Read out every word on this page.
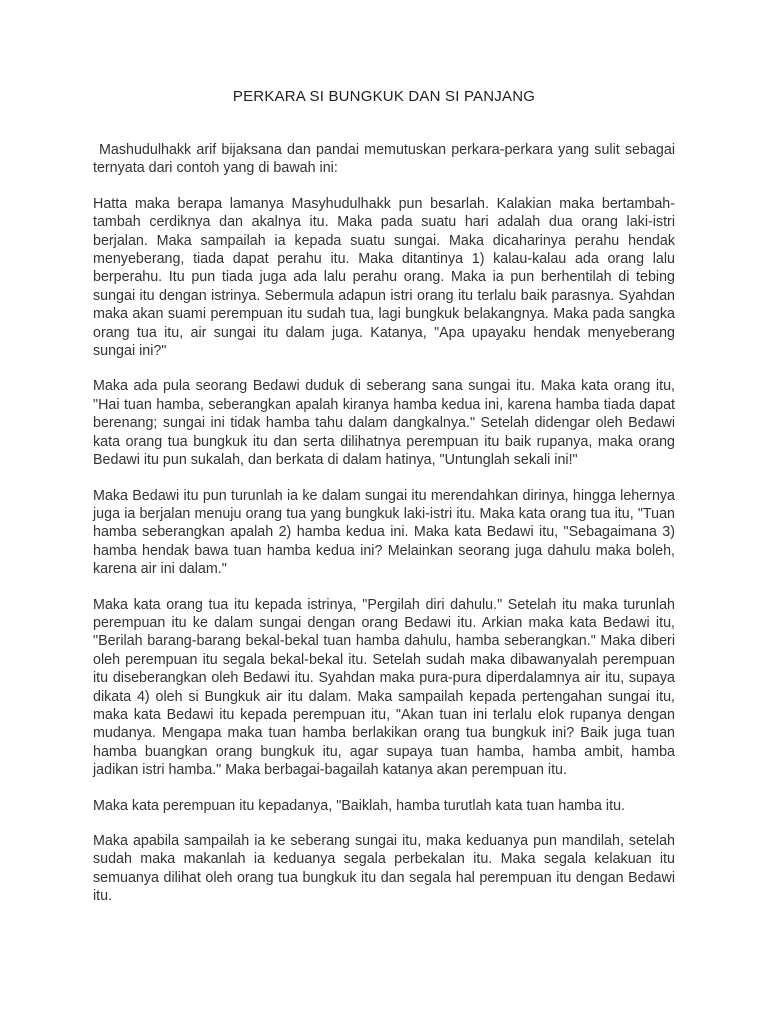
PERKARA SI BUNGKUK DAN SI PANJANG

Mashudulhakk arif bijaksana dan pandai memutuskan perkara-perkara yang sulit sebagai ternyata dari contoh yang di bawah ini:

Hatta maka berapa lamanya Masyhudulhakk pun besarlah. Kalakian maka bertambah-tambah cerdiknya dan akalnya itu. Maka pada suatu hari adalah dua orang laki-istri berjalan. Maka sampailah ia kepada suatu sungai. Maka dicaharinya perahu hendak menyeberang, tiada dapat perahu itu. Maka ditantinya 1) kalau-kalau ada orang lalu berperahu. Itu pun tiada juga ada lalu perahu orang. Maka ia pun berhentilah di tebing sungai itu dengan istrinya. Sebermula adapun istri orang itu terlalu baik parasnya. Syahdan maka akan suami perempuan itu sudah tua, lagi bungkuk belakangnya. Maka pada sangka orang tua itu, air sungai itu dalam juga. Katanya, "Apa upayaku hendak menyeberang sungai ini?"

Maka ada pula seorang Bedawi duduk di seberang sana sungai itu. Maka kata orang itu, "Hai tuan hamba, seberangkan apalah kiranya hamba kedua ini, karena hamba tiada dapat berenang; sungai ini tidak hamba tahu dalam dangkalnya." Setelah didengar oleh Bedawi kata orang tua bungkuk itu dan serta dilihatnya perempuan itu baik rupanya, maka orang Bedawi itu pun sukalah, dan berkata di dalam hatinya, "Untunglah sekali ini!"

Maka Bedawi itu pun turunlah ia ke dalam sungai itu merendahkan dirinya, hingga lehernya juga ia berjalan menuju orang tua yang bungkuk laki-istri itu. Maka kata orang tua itu, "Tuan hamba seberangkan apalah 2) hamba kedua ini. Maka kata Bedawi itu, "Sebagaimana 3) hamba hendak bawa tuan hamba kedua ini? Melainkan seorang juga dahulu maka boleh, karena air ini dalam."

Maka kata orang tua itu kepada istrinya, "Pergilah diri dahulu." Setelah itu maka turunlah perempuan itu ke dalam sungai dengan orang Bedawi itu. Arkian maka kata Bedawi itu, "Berilah barang-barang bekal-bekal tuan hamba dahulu, hamba seberangkan." Maka diberi oleh perempuan itu segala bekal-bekal itu. Setelah sudah maka dibawanyalah perempuan itu diseberangkan oleh Bedawi itu. Syahdan maka pura-pura diperdalamnya air itu, supaya dikata 4) oleh si Bungkuk air itu dalam. Maka sampailah kepada pertengahan sungai itu, maka kata Bedawi itu kepada perempuan itu, "Akan tuan ini terlalu elok rupanya dengan mudanya. Mengapa maka tuan hamba berlakikan orang tua bungkuk ini? Baik juga tuan hamba buangkan orang bungkuk itu, agar supaya tuan hamba, hamba ambit, hamba jadikan istri hamba." Maka berbagai-bagailah katanya akan perempuan itu.

Maka kata perempuan itu kepadanya, "Baiklah, hamba turutlah kata tuan hamba itu.

Maka apabila sampailah ia ke seberang sungai itu, maka keduanya pun mandilah, setelah sudah maka makanlah ia keduanya segala perbekalan itu. Maka segala kelakuan itu semuanya dilihat oleh orang tua bungkuk itu dan segala hal perempuan itu dengan Bedawi itu.
